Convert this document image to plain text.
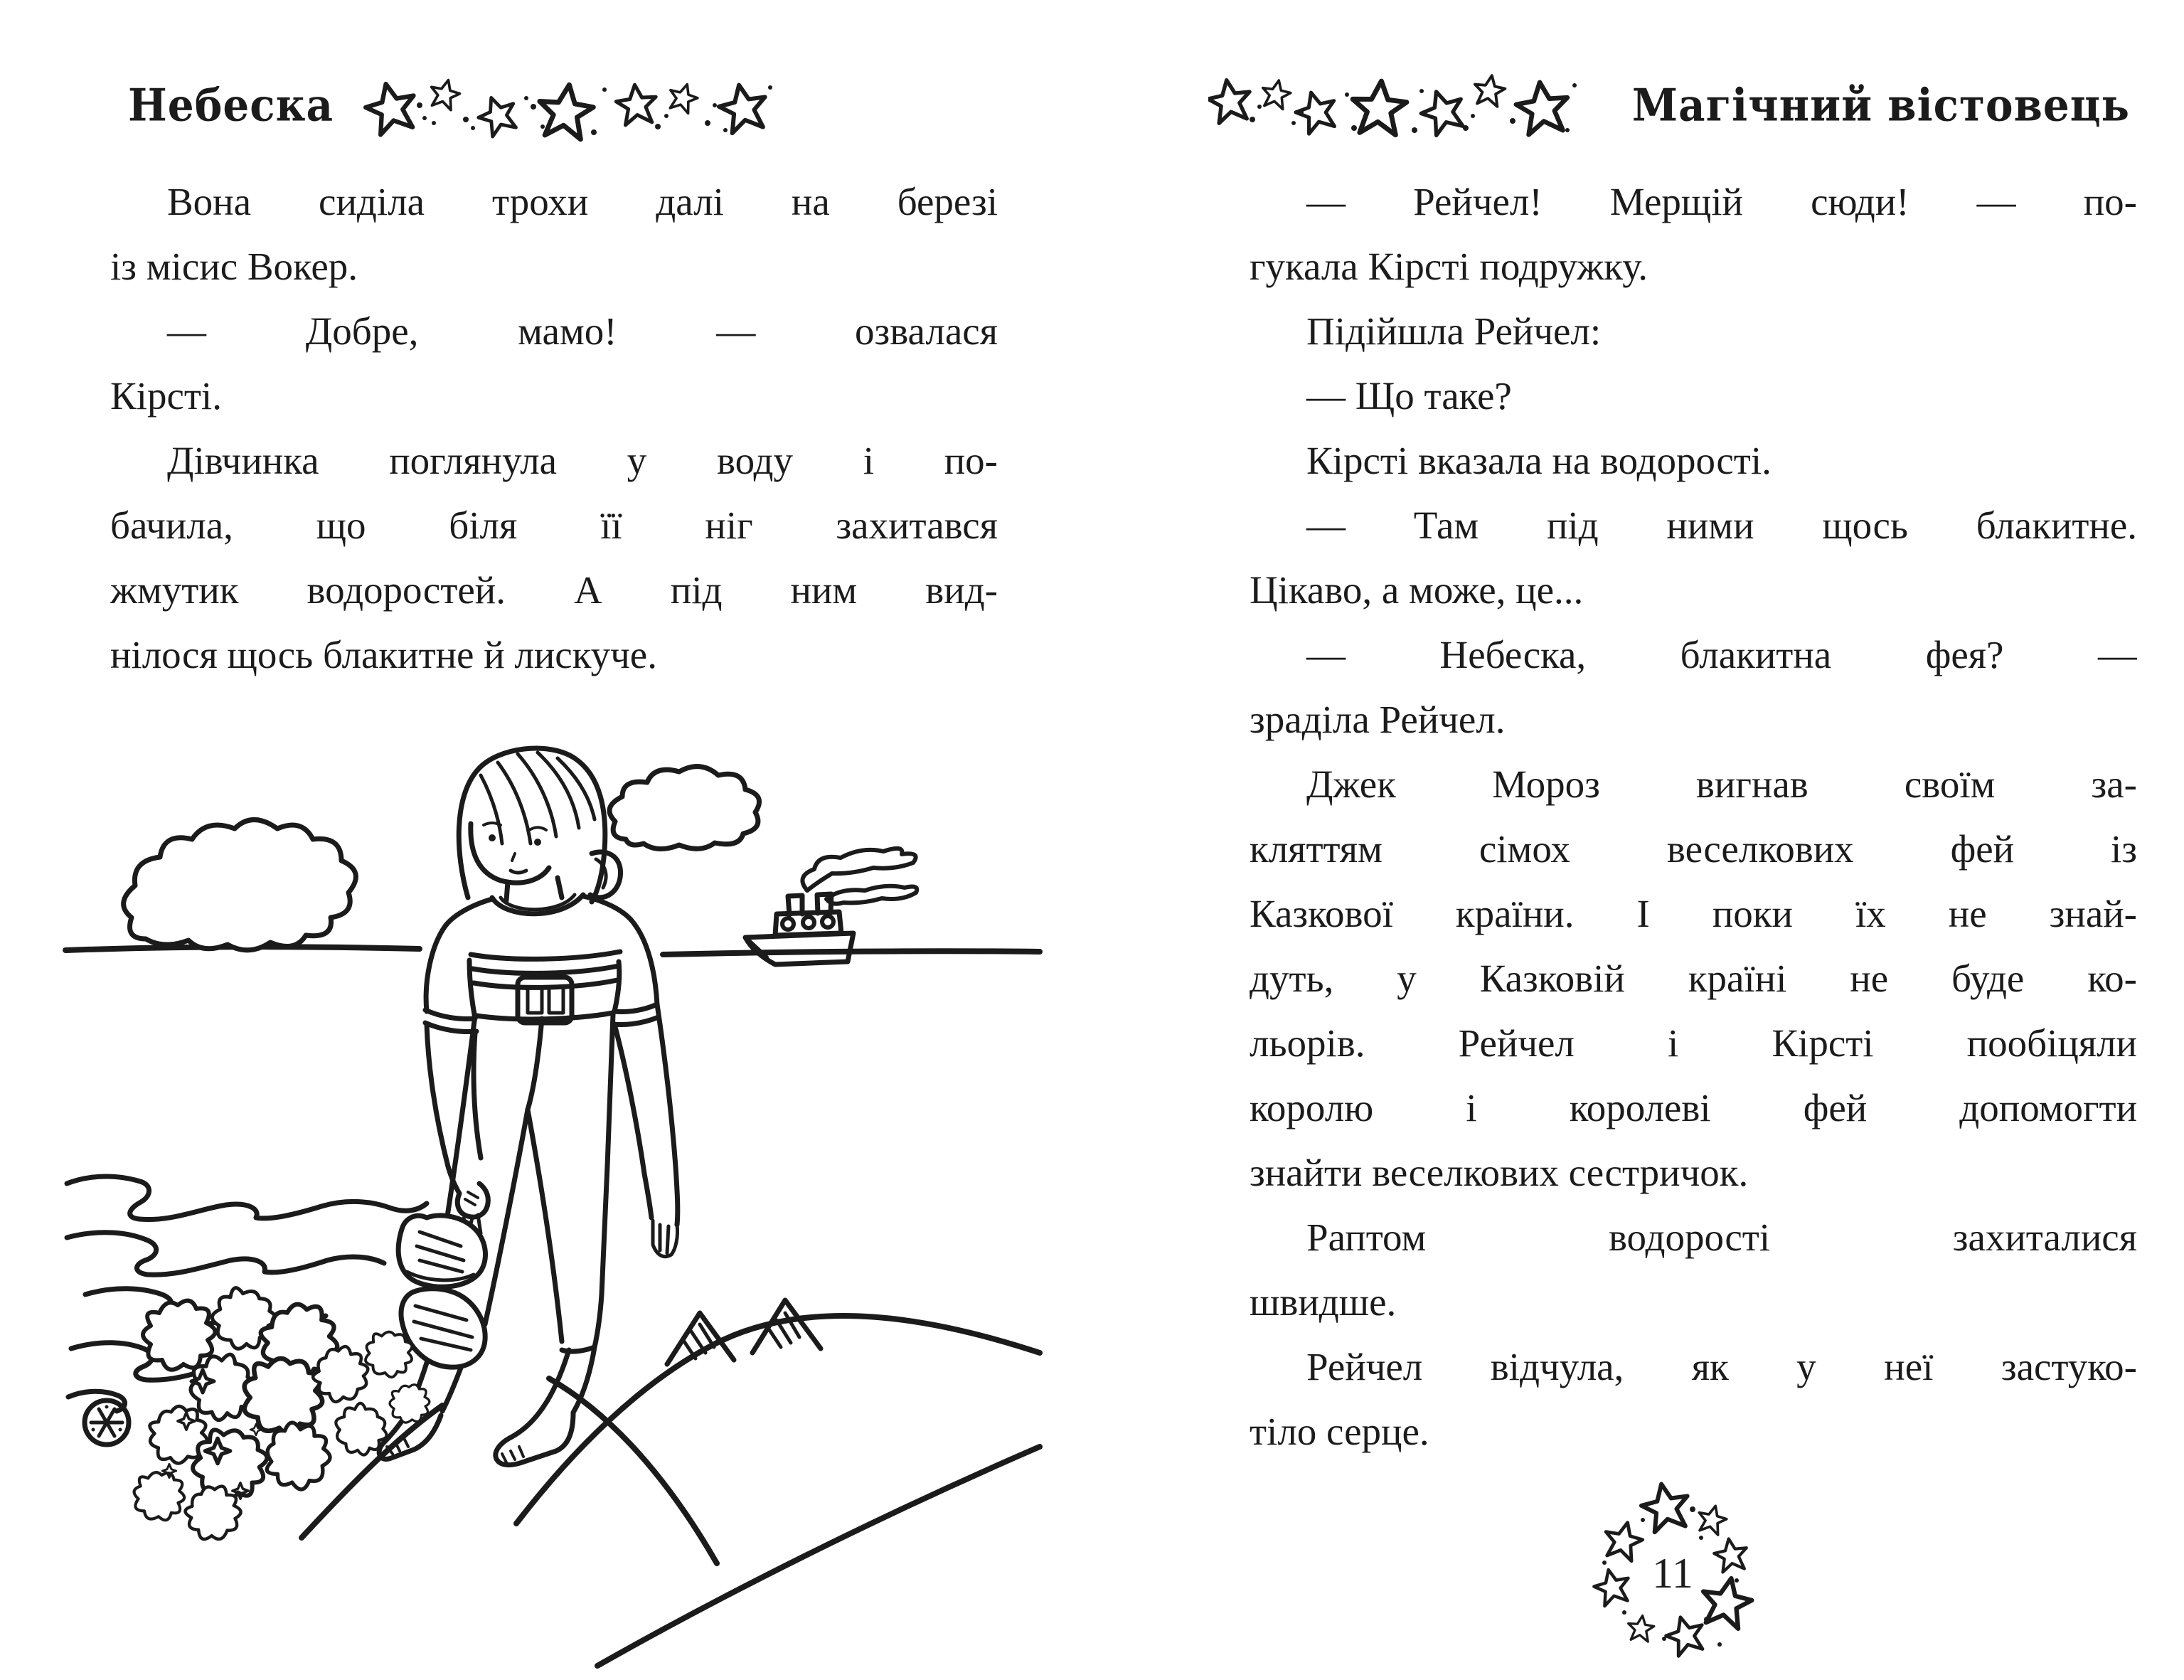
Небеска	Магічний вістовець
Вона сиділа трохи далі на березі
із місис Вокер.
— Добре, мамо! — озвалася
Кірсті.
Дівчинка поглянула у воду і по-
бачила, що біля її ніг захитався
жмутик водоростей. А під ним вид-
нілося щось блакитне й лискуче.
— Рейчел! Мерщій сюди! — по-
гукала Кірсті подружку.
Підійшла Рейчел:
— Що таке?
Кірсті вказала на водорості.
— Там під ними щось блакитне.
Цікаво, а може, це...
— Небеска, блакитна фея? —
зраділа Рейчел.
Джек Мороз вигнав своїм за-
кляттям сімох веселкових фей із
Казкової країни. І поки їх не знай-
дуть, у Казковій країні не буде ко-
льорів. Рейчел і Кірсті пообіцяли
королю і королеві фей допомогти
знайти веселкових сестричок.
Раптом водорості захиталися
швидше.
Рейчел відчула, як у неї застуко-
тіло серце.
11
